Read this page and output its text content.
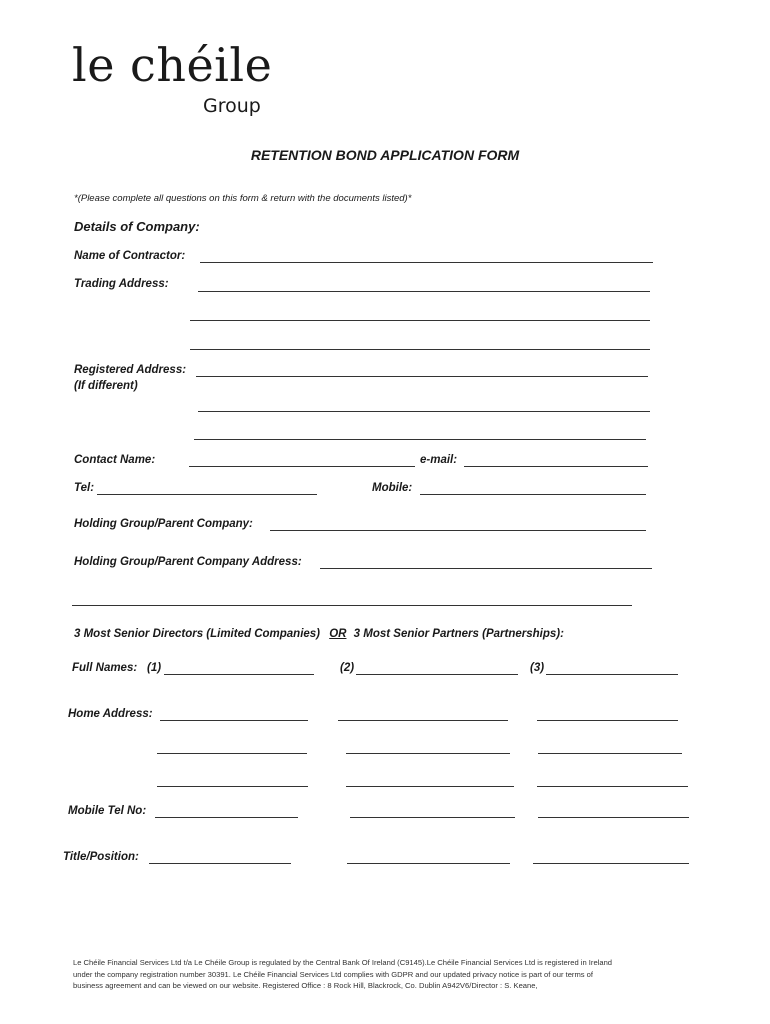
le chéile
Group
RETENTION BOND APPLICATION FORM
*(Please complete all questions on this form & return with the documents listed)*
Details of Company:
Name of Contractor:
Trading Address:
Registered Address:
(If different)
Contact Name:	e-mail:
Tel:	Mobile:
Holding Group/Parent Company:
Holding Group/Parent Company Address:
3 Most Senior Directors (Limited Companies) OR 3 Most Senior Partners (Partnerships):
Full Names: (1)	(2)	(3)
Home Address:
Mobile Tel No:
Title/Position:
Le Chéile Financial Services Ltd t/a Le Chéile Group is regulated by the Central Bank Of Ireland (C9145).Le Chéile Financial Services Ltd is registered in Ireland
under the company registration number 30391. Le Chéile Financial Services Ltd complies with GDPR and our updated privacy notice is part of our terms of
business agreement and can be viewed on our website. Registered Office : 8 Rock Hill, Blackrock, Co. Dublin A942V6/Director : S. Keane,
